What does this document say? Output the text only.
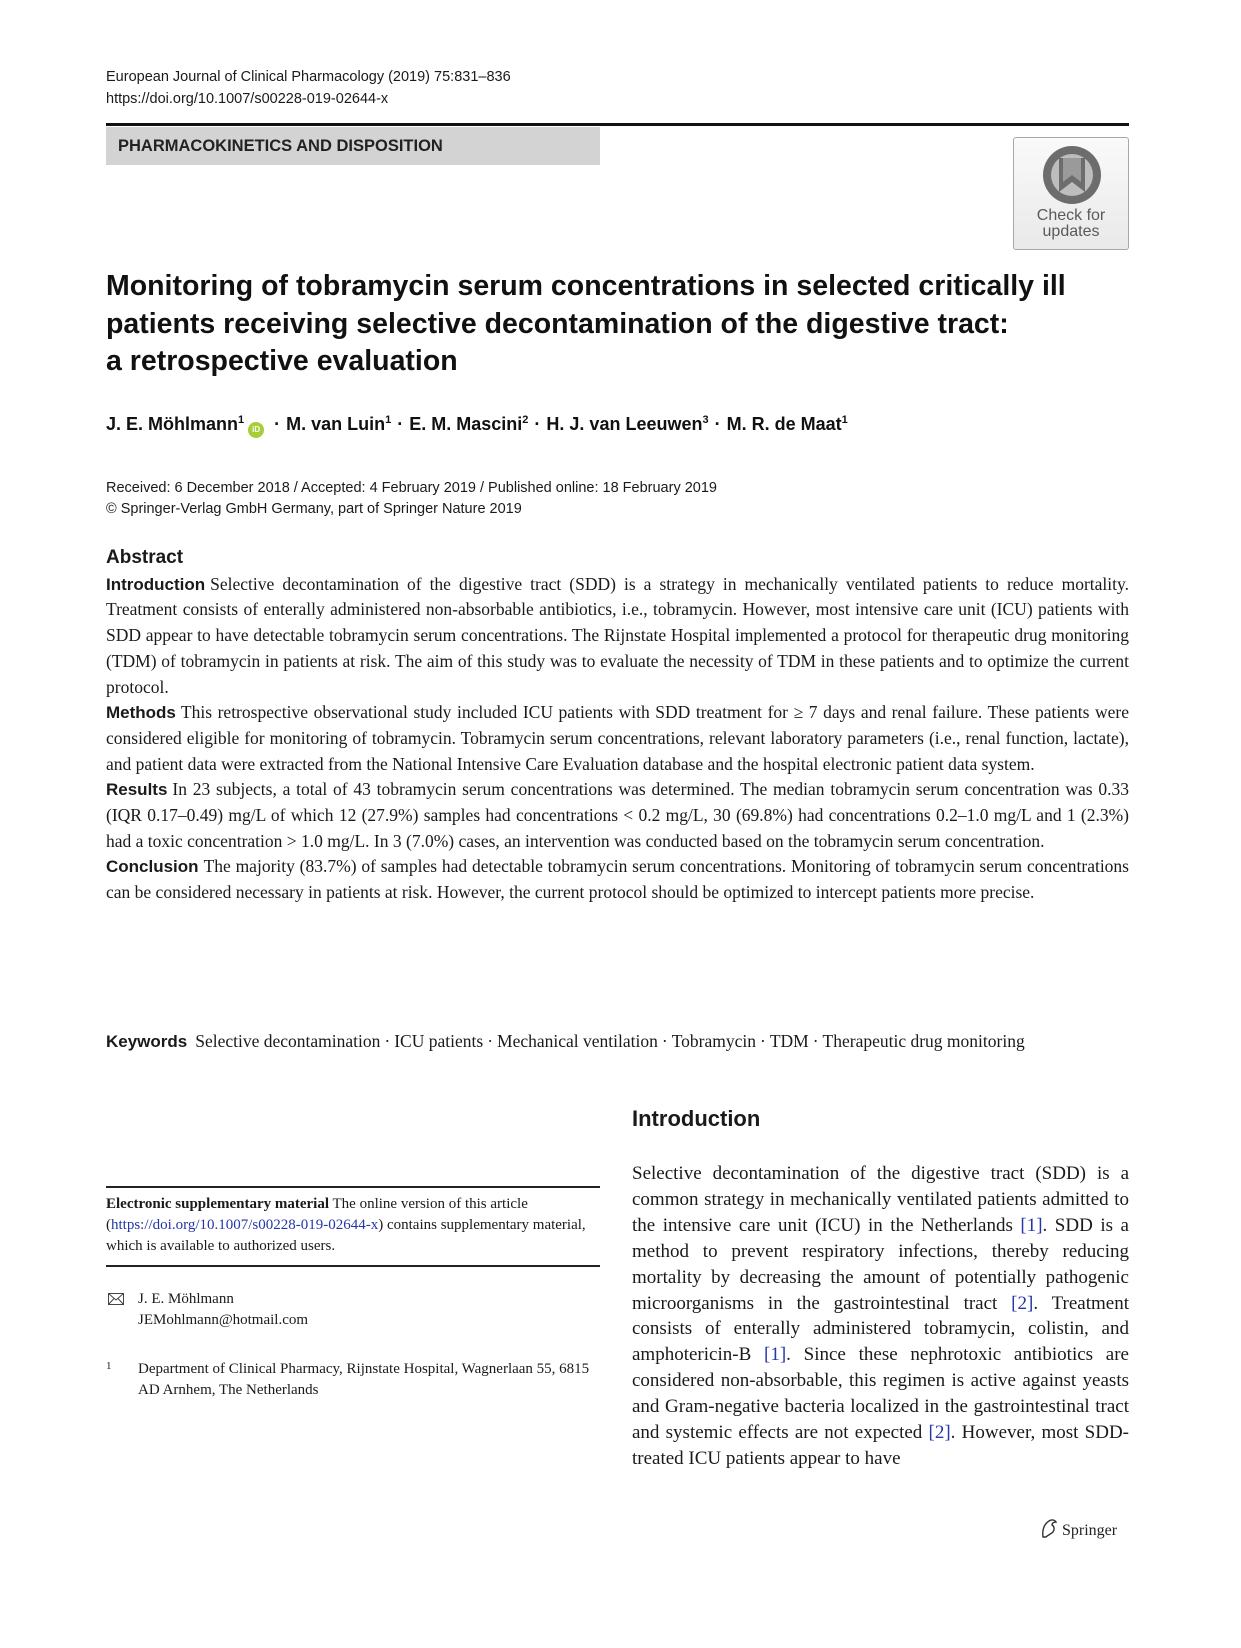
European Journal of Clinical Pharmacology (2019) 75:831–836
https://doi.org/10.1007/s00228-019-02644-x
PHARMACOKINETICS AND DISPOSITION
Check for
updates
Monitoring of tobramycin serum concentrations in selected critically ill
patients receiving selective decontamination of the digestive tract:
a retrospective evaluation
J. E. Möhlmann$^1$iD · M. van Luin$^1$ · E. M. Mascini$^2$ · H. J. van Leeuwen$^3$ · M. R. de Maat$^1$
Received: 6 December 2018 / Accepted: 4 February 2019 / Published online: 18 February 2019
© Springer-Verlag GmbH Germany, part of Springer Nature 2019
Abstract

Introduction Selective decontamination of the digestive tract (SDD) is a strategy in mechanically ventilated patients to reduce mortality. Treatment consists of enterally administered non-absorbable antibiotics, i.e., tobramycin. However, most intensive care unit (ICU) patients with SDD appear to have detectable tobramycin serum concentrations. The Rijnstate Hospital implemented a protocol for therapeutic drug monitoring (TDM) of tobramycin in patients at risk. The aim of this study was to evaluate the necessity of TDM in these patients and to optimize the current protocol.

Methods This retrospective observational study included ICU patients with SDD treatment for ≥ 7 days and renal failure. These patients were considered eligible for monitoring of tobramycin. Tobramycin serum concentrations, relevant laboratory parameters (i.e., renal function, lactate), and patient data were extracted from the National Intensive Care Evaluation database and the hospital electronic patient data system.

Results In 23 subjects, a total of 43 tobramycin serum concentrations was determined. The median tobramycin serum concentration was 0.33 (IQR 0.17–0.49) mg/L of which 12 (27.9%) samples had concentrations < 0.2 mg/L, 30 (69.8%) had concentrations 0.2–1.0 mg/L and 1 (2.3%) had a toxic concentration > 1.0 mg/L. In 3 (7.0%) cases, an intervention was conducted based on the tobramycin serum concentration.

Conclusion The majority (83.7%) of samples had detectable tobramycin serum concentrations. Monitoring of tobramycin serum concentrations can be considered necessary in patients at risk. However, the current protocol should be optimized to intercept patients more precise.

Keywords Selective decontamination · ICU patients · Mechanical ventilation · Tobramycin · TDM · Therapeutic drug monitoring
Electronic supplementary material The online version of this article (https://doi.org/10.1007/s00228-019-02644-x) contains supplementary material, which is available to authorized users.
J. E. Möhlmann
JEMohlmann@hotmail.com
1 Department of Clinical Pharmacy, Rijnstate Hospital, Wagnerlaan 55, 6815 AD Arnhem, The Netherlands
Introduction

Selective decontamination of the digestive tract (SDD) is a common strategy in mechanically ventilated patients admitted to the intensive care unit (ICU) in the Netherlands [1]. SDD is a method to prevent respiratory infections, thereby reducing mortality by decreasing the amount of potentially pathogenic microorganisms in the gastrointestinal tract [2]. Treatment consists of enterally administered tobramycin, colistin, and amphotericin-B [1]. Since these nephrotoxic antibiotics are considered non-absorbable, this regimen is active against yeasts and Gram-negative bacteria localized in the gastrointestinal tract and systemic effects are not expected [2]. However, most SDD-treated ICU patients appear to have

Springer
